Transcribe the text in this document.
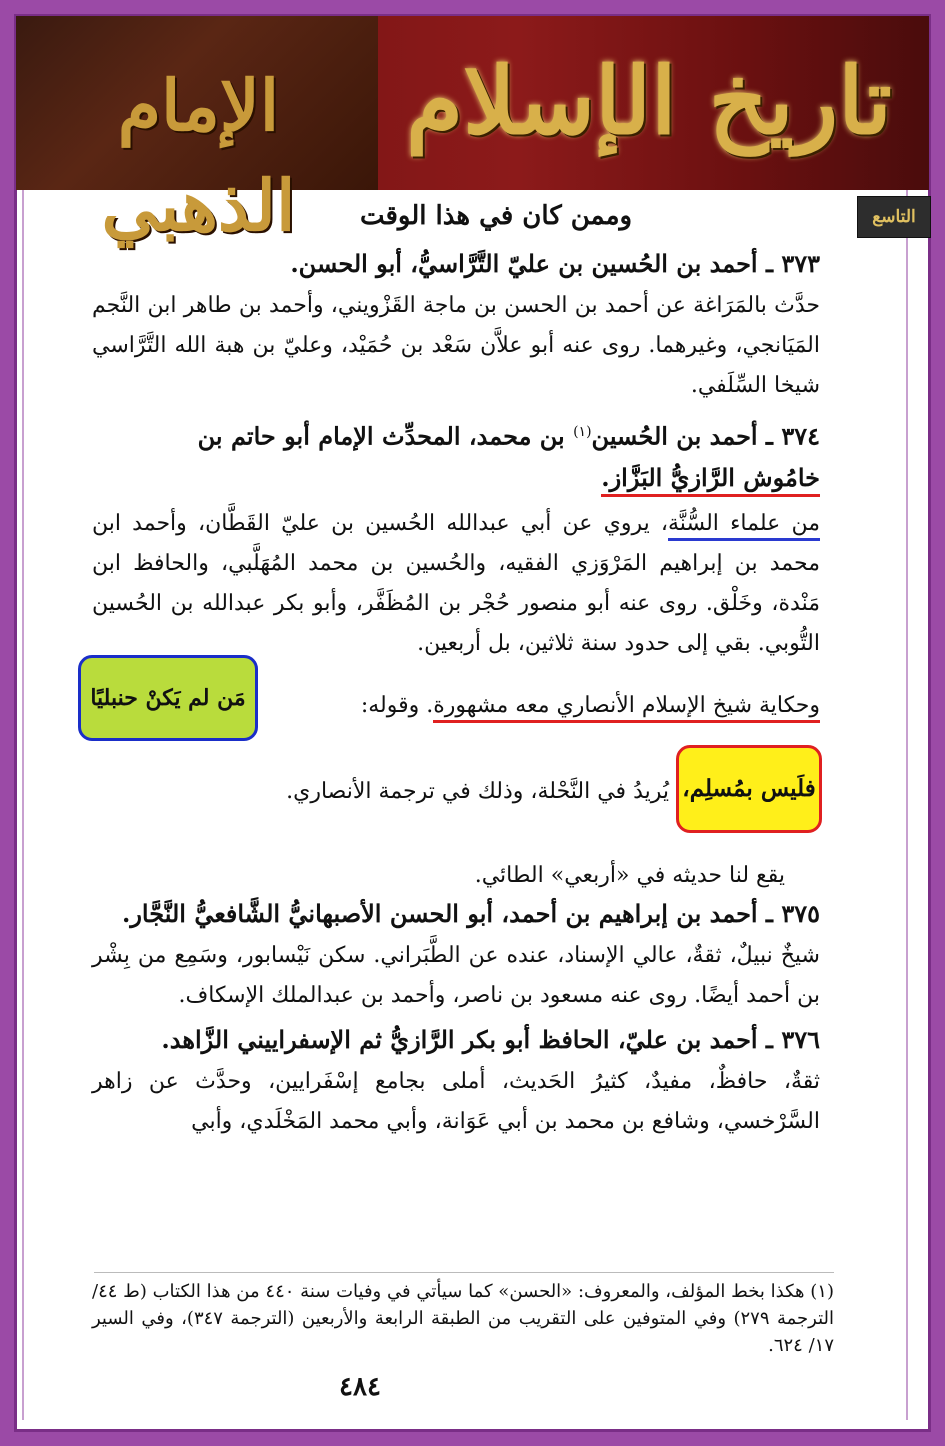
الإمام الذهبي
تاريخ الإسلام
التاسع
وممن كان في هذا الوقت

٣٧٣ ـ أحمد بن الحُسين بن عليّ التَّرَّاسيُّ، أبو الحسن.
حدَّث بالمَرَاغة عن أحمد بن الحسن بن ماجة القَزْويني، وأحمد بن طاهر ابن النَّجم المَيَانجي، وغيرهما. روى عنه أبو علاَّن سَعْد بن حُمَيْد، وعليّ بن هبة الله التَّرَّاسي شيخا السِّلَفي.

٣٧٤ ـ أحمد بن الحُسين$^{(١)}$ بن محمد، المحدِّث الإمام أبو حاتم بن
خامُوش الرَّازيُّ البَزَّاز.

من علماء السُّنَّة، يروي عن أبي عبدالله الحُسين بن عليّ القَطَّان، وأحمد ابن محمد بن إبراهيم المَرْوَزي الفقيه، والحُسين بن محمد المُهَلَّبي، والحافظ ابن مَنْدة، وخَلْق. روى عنه أبو منصور حُجْر بن المُظَفَّر، وأبو بكر عبدالله بن الحُسين التُّوبي. بقي إلى حدود سنة ثلاثين، بل أربعين.

وحكاية شيخ الإسلام الأنصاري معه مشهورة. وقوله:

مَن لم يَكنْ حنبليًا
فلَيس بمُسلِم،
يُريدُ في النَّحْلة، وذلك في ترجمة الأنصاري.
يقع لنا حديثه في «أربعي» الطائي.

٣٧٥ ـ أحمد بن إبراهيم بن أحمد، أبو الحسن الأصبهانيُّ الشَّافعيُّ النَّجَّار.
شيخٌ نبيلٌ، ثقةٌ، عالي الإسناد، عنده عن الطَّبَراني. سكن نَيْسابور، وسَمِع من بِشْر بن أحمد أيضًا. روى عنه مسعود بن ناصر، وأحمد بن عبدالملك الإسكاف.

٣٧٦ ـ أحمد بن عليّ، الحافظ أبو بكر الرَّازيُّ ثم الإسفراييني الزَّاهد.
ثقةٌ، حافظٌ، مفيدٌ، كثيرُ الحَديث، أملى بجامع إسْفَرايين، وحدَّث عن زاهر السَّرْخسي، وشافع بن محمد بن أبي عَوَانة، وأبي محمد المَخْلَدي، وأبي

(١) هكذا بخط المؤلف، والمعروف: «الحسن» كما سيأتي في وفيات سنة ٤٤٠ من هذا الكتاب (ط ٤٤/الترجمة ٢٧٩) وفي المتوفين على التقريب من الطبقة الرابعة والأربعين (الترجمة ٣٤٧)، وفي السير ١٧/ ٦٢٤.
٤٨٤
